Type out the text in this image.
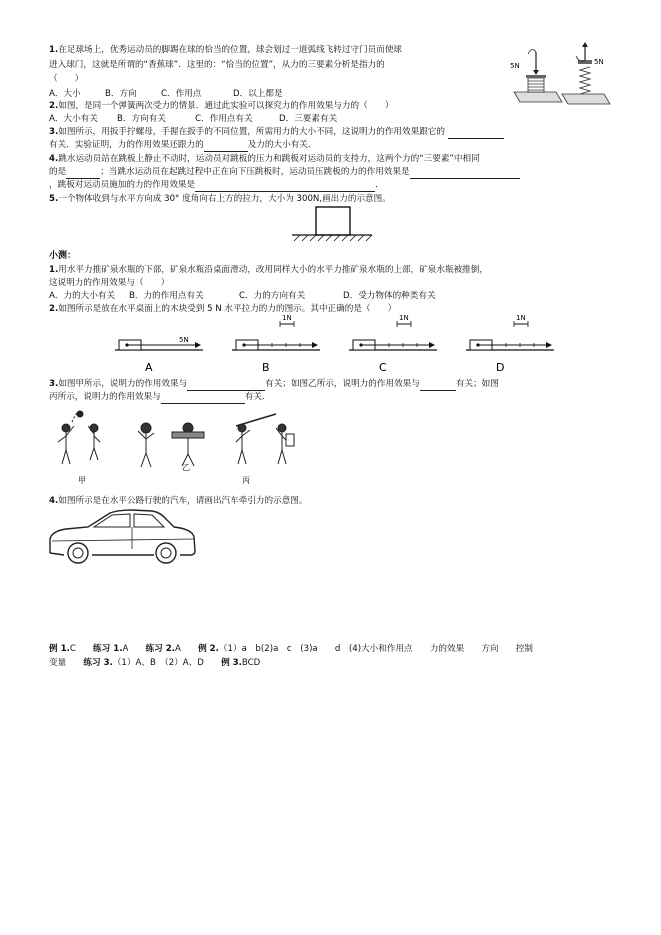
1.在足球场上，优秀运动员的脚踢在球的恰当的位置，球会划过一道弧线飞转过守门员而使球
进入球门，这就是所谓的“香蕉球”．这里的：“恰当的位置”，从力的三要素分析是指力的
（　　）
A．大小	B．方向	C．作用点	D．以上都是
5N	5N
2.如图，是同一个弹簧两次受力的情景．通过此实验可以探究力的作用效果与力的（　　）
A．大小有关 B．方向有关	C．作用点有关	D．三要素有关
3.如图所示，用扳手拧螺母，手握在扳手的不同位置，所需用力的大小不同，这说明力的作用效果跟它的
有关．实验证明，力的作用效果还跟力的	及力的大小有关．
4.跳水运动员站在跳板上静止不动时，运动员对跳板的压力和跳板对运动员的支持力，这两个力的“三要素”中相同
的是	；当跳水运动员在起跳过程中正在向下压跳板时，运动员压跳板的力的作用效果是
，跳板对运动员施加的力的作用效果是	．
5.一个物体收到与水平方向成 30° 度角向右上方的拉力，大小为 300N,画出力的示意图。
小测：
1.用水平力推矿泉水瓶的下部，矿泉水瓶沿桌面滑动，改用同样大小的水平力推矿泉水瓶的上部，矿泉水瓶被推倒，
这说明力的作用效果与（　　）
A．力的大小有关 B．力的作用点有关	C．力的方向有关	D．受力物体的种类有关
2.如图所示是放在水平桌面上的木块受到 5 N 水平拉力的力的图示。其中正确的是（　　）
5N
A
1N
B
1N
C
1N
D
3.如图甲所示，说明力的作用效果与	有关；如图乙所示，说明力的作用效果与	有关；如图
丙所示，说明力的作用效果与	有关．
甲
乙
丙
4.如图所示是在水平公路行驶的汽车，请画出汽车牵引力的示意图。
例 1.C　　练习 1.A　　练习 2.A　　例 2.（1）a　b(2)a　c　(3)a　　d　(4)大小和作用点　　力的效果　　方向　　控制
变量　　练习 3.（1）A、B　（2）A、D　　例 3.BCD
